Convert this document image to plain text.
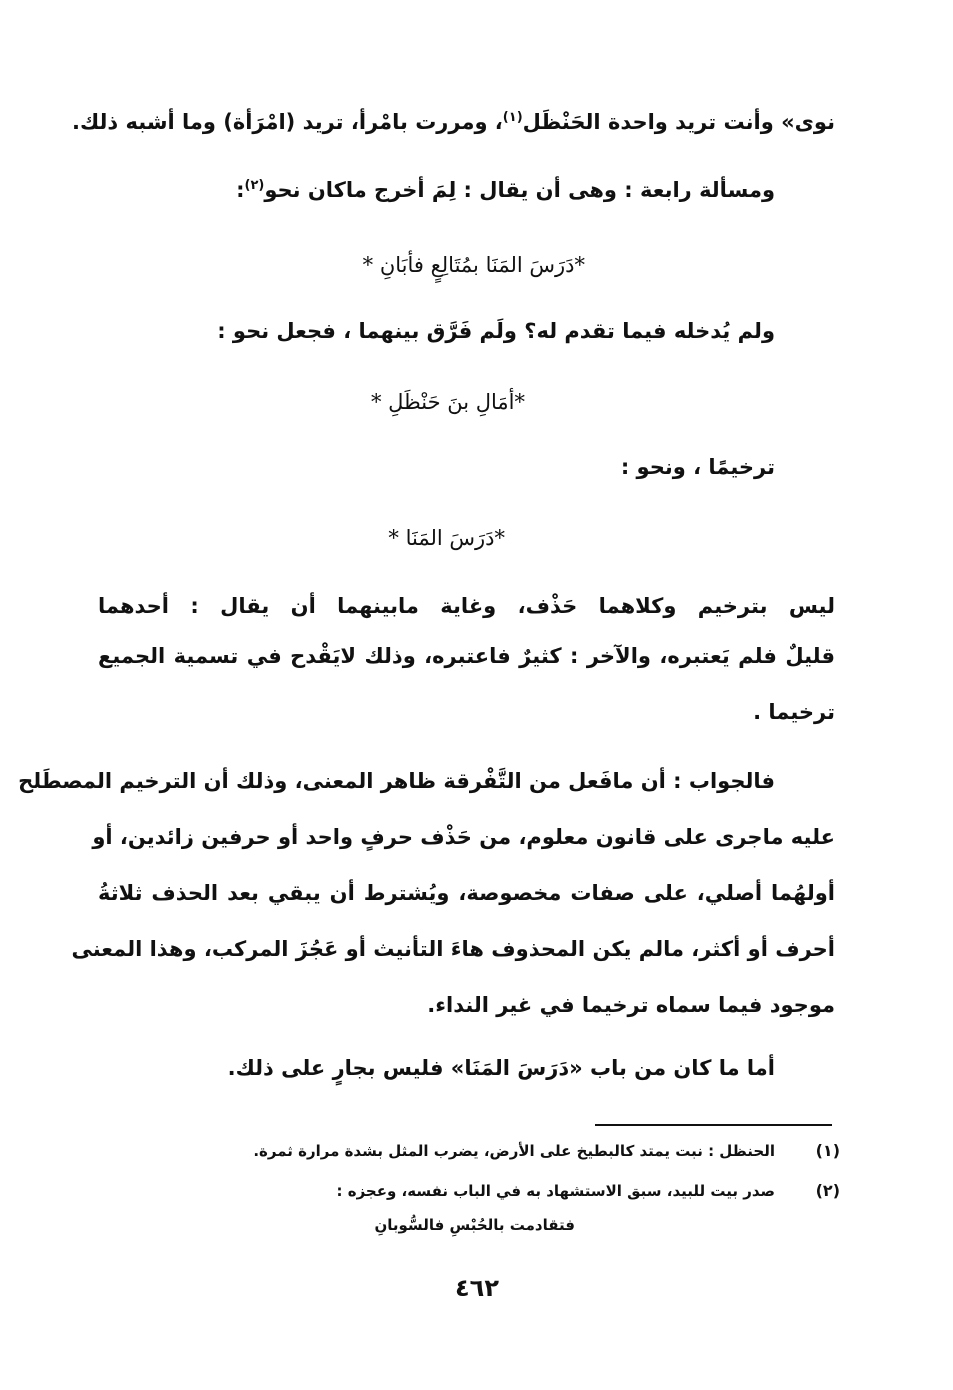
نوى» وأنت تريد واحدة الحَنْظَل$^{(١)}$، ومررت بامْرأ، تريد (امْرَأة) وما أشبه ذلك.
ومسألة رابعة : وهى أن يقال : لِمَ أخرج ماكان نحو$^{(٢)}$:
*دَرَسَ المَنَا بمُتَالِعٍ فأبَانِ *
ولم يُدخله فيما تقدم له؟ ولَم فَرَّق بينهما ، فجعل نحو :
*أمَالِ بنَ حَنْظَلِ *
ترخيمًا ، ونحو :
*دَرَسَ المَنَا *
ليس بترخيم وكلاهما حَذْف، وغاية مابينهما أن يقال : أحدهما
قليلٌ فلم يَعتبره، والآخر : كثيرٌ فاعتبره، وذلك لايَقْدح في تسمية الجميع
ترخيما .
فالجواب : أن مافَعل من التَّفْرقة ظاهر المعنى، وذلك أن الترخيم المصطَلح
عليه ماجرى على قانون معلوم، من حَذْف حرفٍ واحد أو حرفين زائدين، أو
أولهُما أصلي، على صفات مخصوصة، ويُشترط أن يبقي بعد الحذف ثلاثةُ
أحرف أو أكثر، مالم يكن المحذوف هاءَ التأنيث أو عَجُزَ المركب، وهذا المعنى
موجود فيما سماه ترخيما في غير النداء.
أما ما كان من باب «دَرَسَ المَنَا» فليس بجارٍ على ذلك.
(١)
الحنظل : نبت يمتد كالبطيخ على الأرض، يضرب المثل بشدة مرارة ثمرة.
(٢)
صدر بيت للبيد، سبق الاستشهاد به في الباب نفسه، وعجزه :
فتقادمت بالحُبْسِ فالسُّوبانِ
٤٦٢
